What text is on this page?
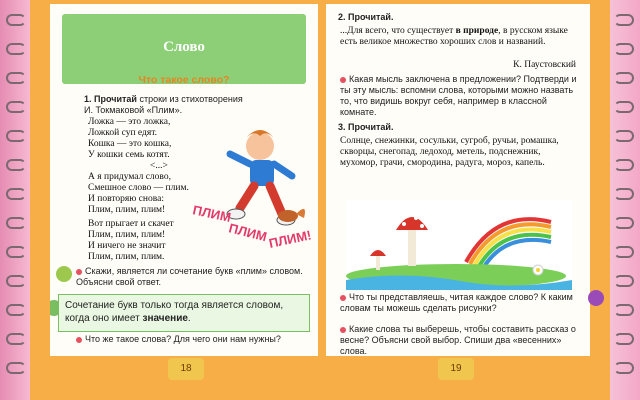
Слово
Что такое слово?
1. Прочитай строки из стихотворения
И. Токмаковой «Плим».
Ложка — это ложка,
Ложкой суп едят.
Кошка — это кошка,
У кошки семь котят.
<...>
А я придумал слово,
Смешное слово — плим.
И повторяю снова:
Плим, плим, плим!
Вот прыгает и скачет
Плим, плим, плим!
И ничего не значит
Плим, плим, плим.
ПЛИМ
ПЛИМ ПЛИМ!
Скажи, является ли сочетание букв «плим» словом. Объясни свой ответ.
Сочетание букв только тогда является словом, когда оно имеет значение.
Что же такое слова? Для чего они нам нужны?
18
2. Прочитай.
...Для всего, что существует в природе, в русском языке есть великое множество хороших слов и названий.
К. Паустовский
Какая мысль заключена в предложении? Подтверди и ты эту мысль: вспомни слова, которыми можно назвать то, что видишь вокруг себя, например в классной комнате.
3. Прочитай.
Солнце, снежинки, сосульки, сугроб, ручьи, ромашка, скворцы, снегопад, ледоход, метель, подснежник, мухомор, грачи, смородина, радуга, мороз, капель.
Что ты представляешь, читая каждое слово? К каким словам ты можешь сделать рисунки?
Какие слова ты выберешь, чтобы составить рассказ о весне? Объясни свой выбор. Спиши два «весенних» слова.
19
